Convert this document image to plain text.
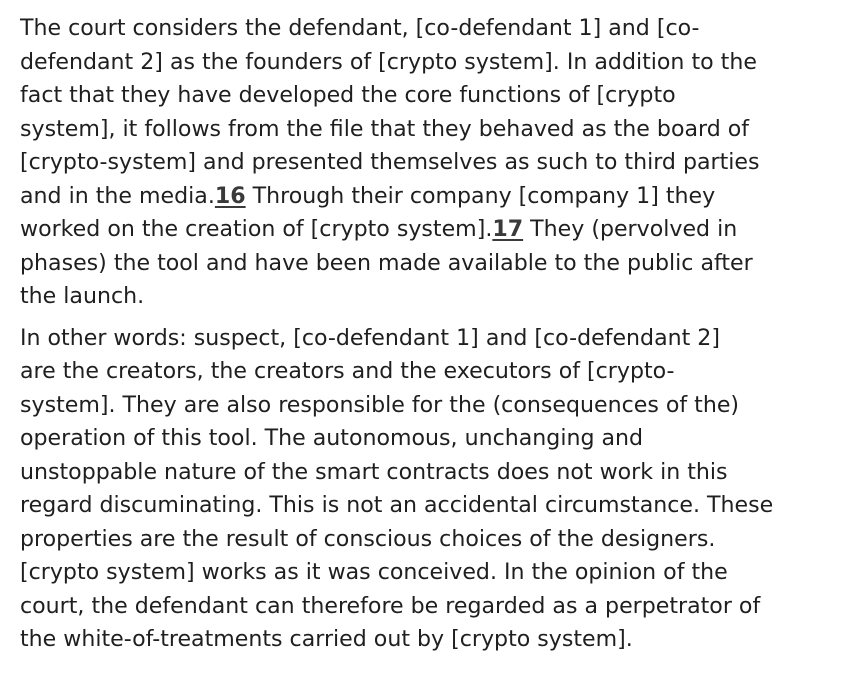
The court considers the defendant, [co-defendant 1] and [co-
defendant 2] as the founders of [crypto system]. In addition to the
fact that they have developed the core functions of [crypto
system], it follows from the file that they behaved as the board of
[crypto-system] and presented themselves as such to third parties
and in the media.16 Through their company [company 1] they
worked on the creation of [crypto system].17 They (pervolved in
phases) the tool and have been made available to the public after
the launch.

In other words: suspect, [co-defendant 1] and [co-defendant 2]
are the creators, the creators and the executors of [crypto-
system]. They are also responsible for the (consequences of the)
operation of this tool. The autonomous, unchanging and
unstoppable nature of the smart contracts does not work in this
regard discuminating. This is not an accidental circumstance. These
properties are the result of conscious choices of the designers.
[crypto system] works as it was conceived. In the opinion of the
court, the defendant can therefore be regarded as a perpetrator of
the white-of-treatments carried out by [crypto system].
